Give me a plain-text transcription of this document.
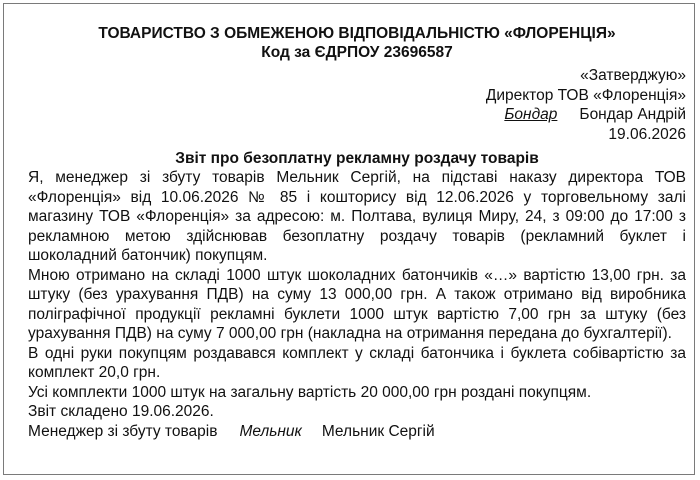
ТОВАРИСТВО З ОБМЕЖЕНОЮ ВІДПОВІДАЛЬНІСТЮ «ФЛОРЕНЦІЯ»
Код за ЄДРПОУ 23696587
«Затверджую»
Директор ТОВ «Флоренція»
Бондар Бондар Андрій
19.06.2026
Звіт про безоплатну рекламну роздачу товарів

Я, менеджер зі збуту товарів Мельник Сергій, на підставі наказу директора ТОВ «Флоренція» від 10.06.2026 № 85 і кошторису від 12.06.2026 у торговельному залі магазину ТОВ «Флоренція» за адресою: м. Полтава, вулиця Миру, 24, з 09:00 до 17:00 з рекламною метою здійснював безоплатну роздачу товарів (рекламний буклет і шоколадний батончик) покупцям.

Мною отримано на складі 1000 штук шоколадних батончиків «…» вартістю 13,00 грн. за штуку (без урахування ПДВ) на суму 13 000,00 грн. А також отримано від виробника поліграфічної продукції рекламні буклети 1000 штук вартістю 7,00 грн за штуку (без урахування ПДВ) на суму 7 000,00 грн (накладна на отримання передана до бухгалтерії).

В одні руки покупцям роздавався комплект у складі батончика і буклета собівартістю за комплект 20,0 грн.

Усі комплекти 1000 штук на загальну вартість 20 000,00 грн роздані покупцям.

Звіт складено 19.06.2026.

Менеджер зі збуту товарів Мельник Мельник Сергій
